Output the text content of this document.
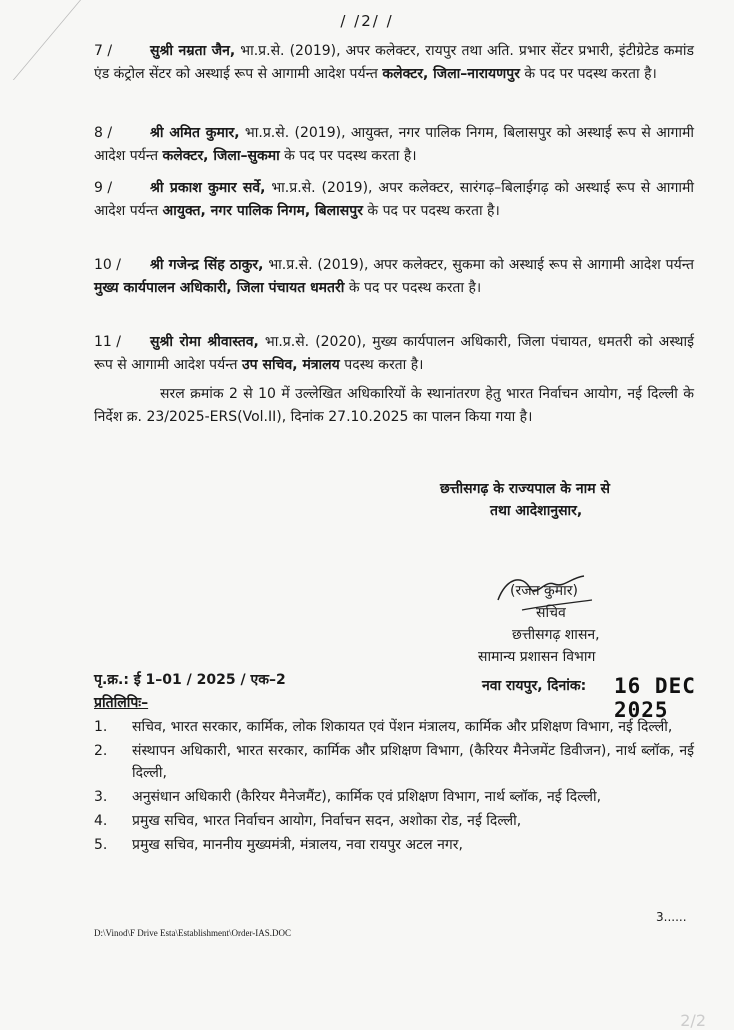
/ /2/ /
7 /	सुश्री नम्रता जैन, भा.प्र.से. (2019), अपर कलेक्टर, रायपुर तथा अति. प्रभार सेंटर प्रभारी, इंटीग्रेटेड कमांड एंड कंट्रोल सेंटर को अस्थाई रूप से आगामी आदेश पर्यन्त कलेक्टर, जिला–नारायणपुर के पद पर पदस्थ करता है।
8 /	श्री अमित कुमार, भा.प्र.से. (2019), आयुक्त, नगर पालिक निगम, बिलासपुर को अस्थाई रूप से आगामी आदेश पर्यन्त कलेक्टर, जिला–सुकमा के पद पर पदस्थ करता है।
9 /	श्री प्रकाश कुमार सर्वे, भा.प्र.से. (2019), अपर कलेक्टर, सारंगढ़–बिलाईगढ़ को अस्थाई रूप से आगामी आदेश पर्यन्त आयुक्त, नगर पालिक निगम, बिलासपुर के पद पर पदस्थ करता है।
10 / श्री गजेन्द्र सिंह ठाकुर, भा.प्र.से. (2019), अपर कलेक्टर, सुकमा को अस्थाई रूप से आगामी आदेश पर्यन्त मुख्य कार्यपालन अधिकारी, जिला पंचायत धमतरी के पद पर पदस्थ करता है।
11 / सुश्री रोमा श्रीवास्तव, भा.प्र.से. (2020), मुख्य कार्यपालन अधिकारी, जिला पंचायत, धमतरी को अस्थाई रूप से आगामी आदेश पर्यन्त उप सचिव, मंत्रालय पदस्थ करता है।
सरल क्रमांक 2 से 10 में उल्लेखित अधिकारियों के स्थानांतरण हेतु भारत निर्वाचन आयोग, नई दिल्ली के निर्देश क्र. 23/2025-ERS(Vol.II), दिनांक 27.10.2025 का पालन किया गया है।
छत्तीसगढ़ के राज्यपाल के नाम से
तथा आदेशानुसार,
(रजत कुमार)
सचिव
छत्तीसगढ़ शासन,
सामान्य प्रशासन विभाग
पृ.क्र.: ई 1–01 / 2025 / एक–2	नवा रायपुर, दिनांक: 16 DEC 2025
प्रतिलिपिः–
1.	सचिव, भारत सरकार, कार्मिक, लोक शिकायत एवं पेंशन मंत्रालय, कार्मिक और प्रशिक्षण विभाग, नई दिल्ली,
2.	संस्थापन अधिकारी, भारत सरकार, कार्मिक और प्रशिक्षण विभाग, (कैरियर मैनेजमेंट डिवीजन), नार्थ ब्लॉक, नई दिल्ली,
3.	अनुसंधान अधिकारी (कैरियर मैनेजमैंट), कार्मिक एवं प्रशिक्षण विभाग, नार्थ ब्लॉक, नई दिल्ली,
4.	प्रमुख सचिव, भारत निर्वाचन आयोग, निर्वाचन सदन, अशोका रोड, नई दिल्ली,
5.	प्रमुख सचिव, माननीय मुख्यमंत्री, मंत्रालय, नवा रायपुर अटल नगर,
3......
D:\Vinod\F Drive Esta\Establishment\Order-IAS.DOC
2/2
